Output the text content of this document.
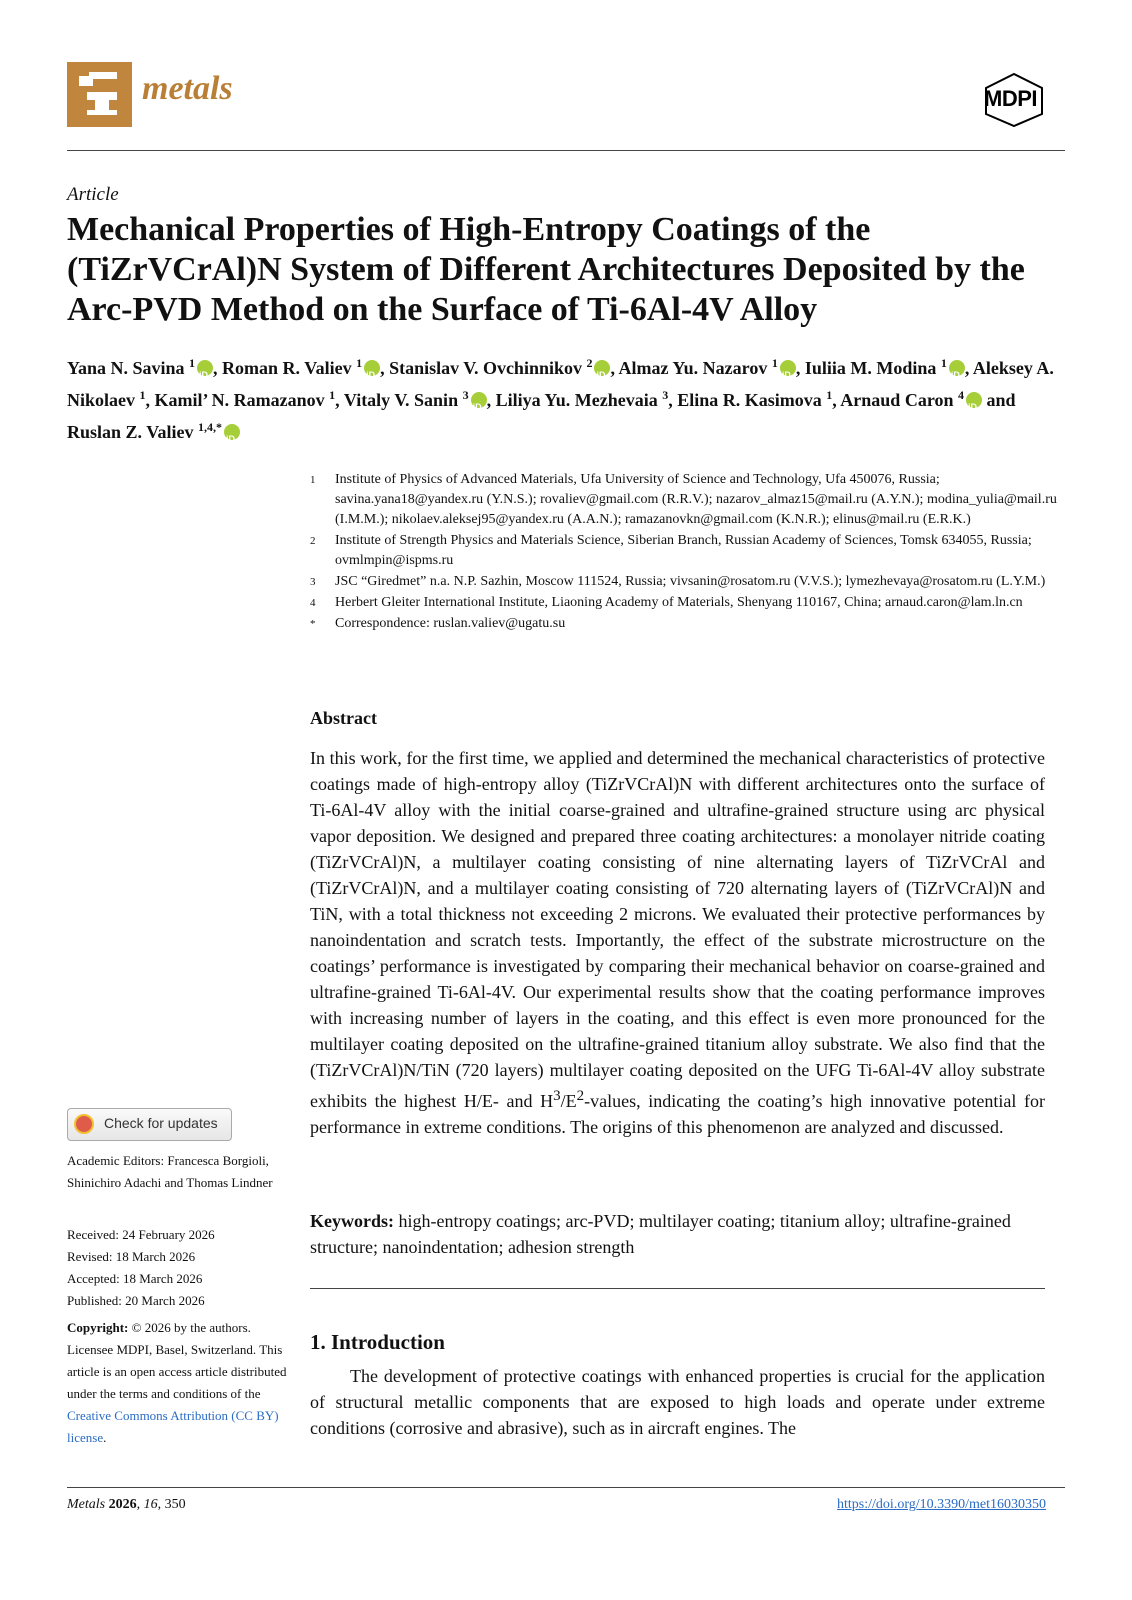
metals	MDPI
Article
Mechanical Properties of High-Entropy Coatings of the (TiZrVCrAl)N System of Different Architectures Deposited by the Arc-PVD Method on the Surface of Ti-6Al-4V Alloy
Yana N. Savina $^1$ iD , Roman R. Valiev $^1$ iD , Stanislav V. Ovchinnikov $^2$ iD , Almaz Yu. Nazarov $^1$ iD , Iuliia M. Modina $^1$ iD , Aleksey A. Nikolaev $^1$, Kamil’ N. Ramazanov $^1$, Vitaly V. Sanin $^3$ iD , Liliya Yu. Mezhevaia $^3$, Elina R. Kasimova $^1$, Arnaud Caron $^4$iD and Ruslan Z. Valiev $^{1,4,*}$iD
1	Institute of Physics of Advanced Materials, Ufa University of Science and Technology, Ufa 450076, Russia; savina.yana18@yandex.ru (Y.N.S.); rovaliev@gmail.com (R.R.V.); nazarov_almaz15@mail.ru (A.Y.N.); modina_yulia@mail.ru (I.M.M.); nikolaev.aleksej95@yandex.ru (A.A.N.); ramazanovkn@gmail.com (K.N.R.); elinus@mail.ru (E.R.K.)
2	Institute of Strength Physics and Materials Science, Siberian Branch, Russian Academy of Sciences, Tomsk 634055, Russia; ovmlmpin@ispms.ru
3	JSC “Giredmet” n.a. N.P. Sazhin, Moscow 111524, Russia; vivsanin@rosatom.ru (V.V.S.); lymezhevaya@rosatom.ru (L.Y.M.)
4	Herbert Gleiter International Institute, Liaoning Academy of Materials, Shenyang 110167, China; arnaud.caron@lam.ln.cn
*	Correspondence: ruslan.valiev@ugatu.su
Abstract
In this work, for the first time, we applied and determined the mechanical characteristics of protective coatings made of high-entropy alloy (TiZrVCrAl)N with different architectures onto the surface of Ti-6Al-4V alloy with the initial coarse-grained and ultrafine-grained structure using arc physical vapor deposition. We designed and prepared three coating architectures: a monolayer nitride coating (TiZrVCrAl)N, a multilayer coating consisting of nine alternating layers of TiZrVCrAl and (TiZrVCrAl)N, and a multilayer coating consisting of 720 alternating layers of (TiZrVCrAl)N and TiN, with a total thickness not exceeding 2 microns. We evaluated their protective performances by nanoindentation and scratch tests. Importantly, the effect of the substrate microstructure on the coatings’ performance is investigated by comparing their mechanical behavior on coarse-grained and ultrafine-grained Ti-6Al-4V. Our experimental results show that the coating performance improves with increasing number of layers in the coating, and this effect is even more pronounced for the multilayer coating deposited on the ultrafine-grained titanium alloy substrate. We also find that the (TiZrVCrAl)N/TiN (720 layers) multilayer coating deposited on the UFG Ti-6Al-4V alloy substrate exhibits the highest H/E- and $H^3/E^2$-values, indicating the coating’s high innovative potential for performance in extreme conditions. The origins of this phenomenon are analyzed and discussed.
Keywords: high-entropy coatings; arc-PVD; multilayer coating; titanium alloy; ultrafine-grained structure; nanoindentation; adhesion strength
1. Introduction
The development of protective coatings with enhanced properties is crucial for the application of structural metallic components that are exposed to high loads and operate under extreme conditions (corrosive and abrasive), such as in aircraft engines. The
Check for updates
Academic Editors: Francesca Borgioli, Shinichiro Adachi and Thomas Lindner
Received: 24 February 2026
Revised: 18 March 2026
Accepted: 18 March 2026
Published: 20 March 2026
Copyright: © 2026 by the authors. Licensee MDPI, Basel, Switzerland. This article is an open access article distributed under the terms and conditions of the Creative Commons Attribution (CC BY) license.
Metals 2026, 16, 350	https://doi.org/10.3390/met16030350
